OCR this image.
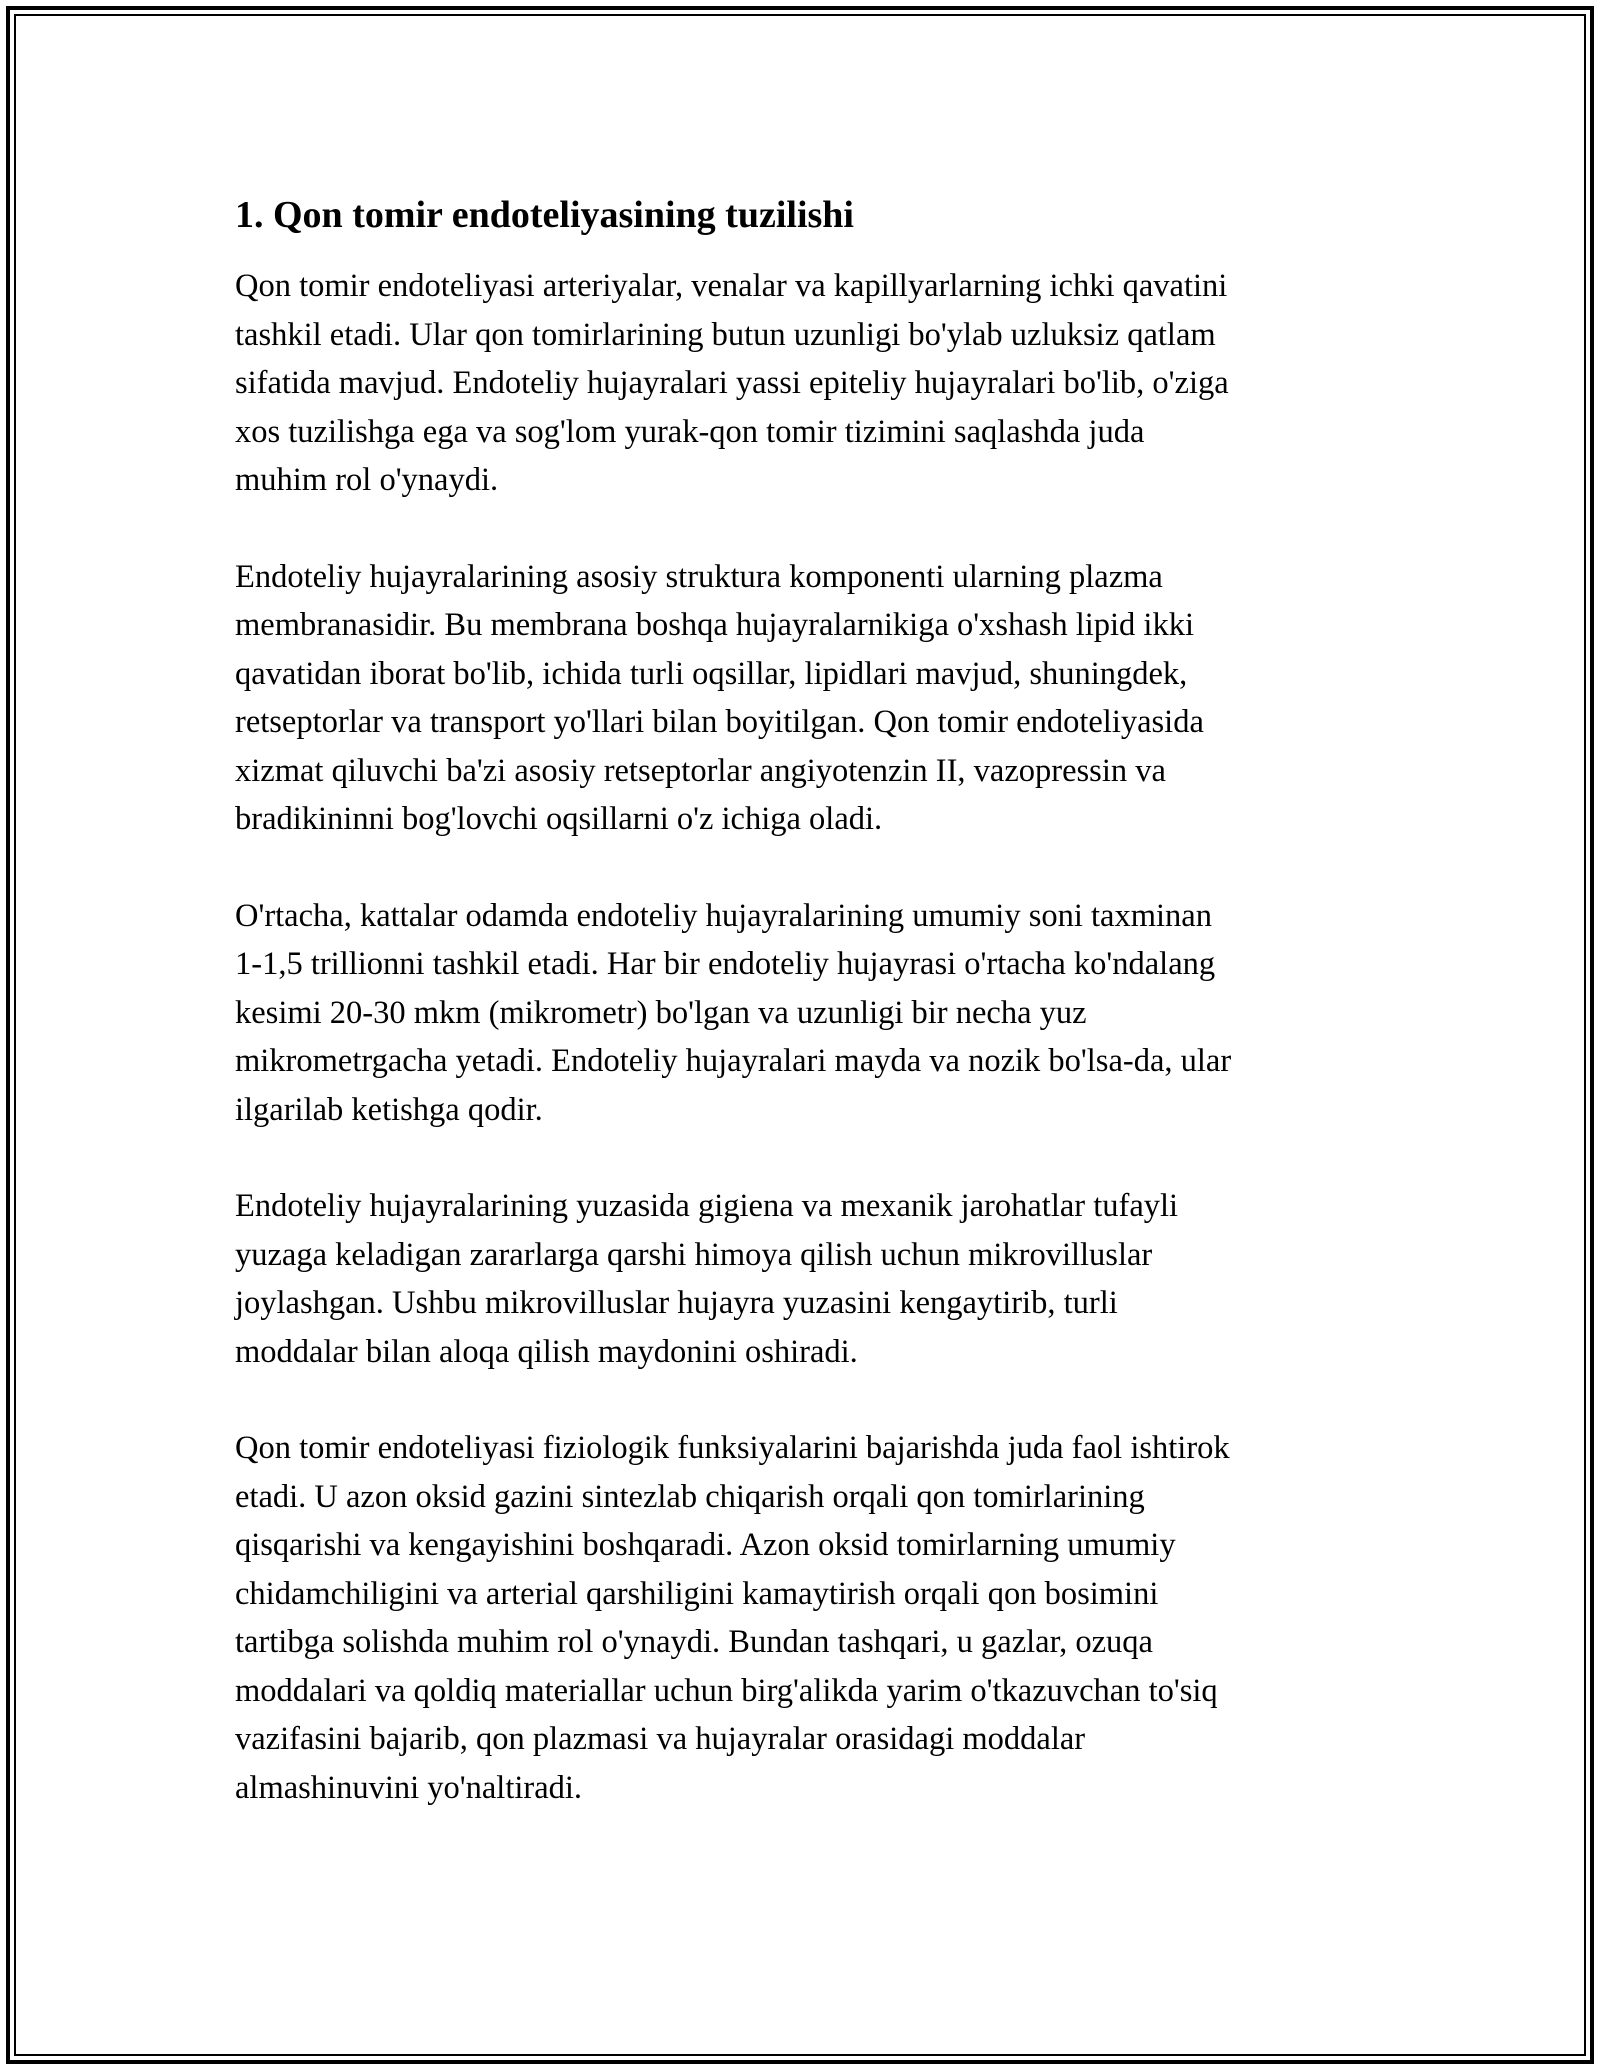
1. Qon tomir endoteliyasining tuzilishi

Qon tomir endoteliyasi arteriyalar, venalar va kapillyarlarning ichki qavatini
tashkil etadi. Ular qon tomirlarining butun uzunligi bo'ylab uzluksiz qatlam
sifatida mavjud. Endoteliy hujayralari yassi epiteliy hujayralari bo'lib, o'ziga
xos tuzilishga ega va sog'lom yurak-qon tomir tizimini saqlashda juda
muhim rol o'ynaydi.

Endoteliy hujayralarining asosiy struktura komponenti ularning plazma
membranasidir. Bu membrana boshqa hujayralarnikiga o'xshash lipid ikki
qavatidan iborat bo'lib, ichida turli oqsillar, lipidlari mavjud, shuningdek,
retseptorlar va transport yo'llari bilan boyitilgan. Qon tomir endoteliyasida
xizmat qiluvchi ba'zi asosiy retseptorlar angiyotenzin II, vazopressin va
bradikininni bog'lovchi oqsillarni o'z ichiga oladi.

O'rtacha, kattalar odamda endoteliy hujayralarining umumiy soni taxminan
1-1,5 trillionni tashkil etadi. Har bir endoteliy hujayrasi o'rtacha ko'ndalang
kesimi 20-30 mkm (mikrometr) bo'lgan va uzunligi bir necha yuz
mikrometrgacha yetadi. Endoteliy hujayralari mayda va nozik bo'lsa-da, ular
ilgarilab ketishga qodir.

Endoteliy hujayralarining yuzasida gigiena va mexanik jarohatlar tufayli
yuzaga keladigan zararlarga qarshi himoya qilish uchun mikrovilluslar
joylashgan. Ushbu mikrovilluslar hujayra yuzasini kengaytirib, turli
moddalar bilan aloqa qilish maydonini oshiradi.

Qon tomir endoteliyasi fiziologik funksiyalarini bajarishda juda faol ishtirok
etadi. U azon oksid gazini sintezlab chiqarish orqali qon tomirlarining
qisqarishi va kengayishini boshqaradi. Azon oksid tomirlarning umumiy
chidamchiligini va arterial qarshiligini kamaytirish orqali qon bosimini
tartibga solishda muhim rol o'ynaydi. Bundan tashqari, u gazlar, ozuqa
moddalari va qoldiq materiallar uchun birg'alikda yarim o'tkazuvchan to'siq
vazifasini bajarib, qon plazmasi va hujayralar orasidagi moddalar
almashinuvini yo'naltiradi.
